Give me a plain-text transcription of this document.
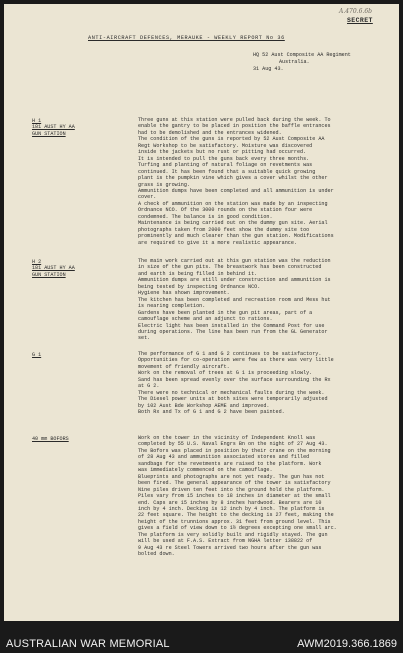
A.470.6.6b
SECRET
ANTI-AIRCRAFT DEFENCES, MERAUKE - WEEKLY REPORT No 36
HQ 52 Aust Composite AA Regiment
Australia.
31 Aug 43.
H 1
181 AUST HY AA
GUN STATION
Three guns at this station were pulled back during the week. To
enable the gantry to be placed in position the baffle entrances
had to be demolished and the entrances widened.
The condition of the guns is reported by 52 Aust Composite AA
Regt Workshop to be satisfactory. Moisture was discovered
inside the jackets but no rust or pitting had occurred.
It is intended to pull the guns back every three months.
Turfing and planting of natural foliage on revetments was
continued. It has been found that a suitable quick growing
plant is the pumpkin vine which gives a cover whilst the other
grass is growing.
Ammunition dumps have been completed and all ammunition is under
cover.
A check of ammunition on the station was made by an inspecting
Ordnance NCO. Of the 3000 rounds on the station four were
condemned. The balance is in good condition.
Maintenance is being carried out on the dummy gun site. Aerial
photographs taken from 2000 feet show the dummy site too
prominently and much clearer than the gun station. Modifications
are required to give it a more realistic appearance.
H 2
181 AUST HY AA
GUN STATION
The main work carried out at this gun station was the reduction
in size of the gun pits. The breastwork has been constructed
and earth is being filled in behind it.
Ammunition dumps are still under construction and ammunition is
being tested by inspecting Ordnance NCO.
Hygiene has shown improvement.
The kitchen has been completed and recreation room and Mess hut
is nearing completion.
Gardens have been planted in the gun pit areas, part of a
camouflage scheme and an adjunct to rations.
Electric light has been installed in the Command Post for use
during operations. The line has been run from the GL Generator
set.
G 1	The performance of G 1 and G 2 continues to be satisfactory.
Opportunities for co-operation were few as there was very little
movement of friendly aircraft.
Work on the removal of trees at G 1 is proceeding slowly.
Sand has been spread evenly over the surface surrounding the Rx
at G 2.
There were no technical or mechanical faults during the week.
The Diesel power units at both sites were temporarily adjusted
by 102 Aust Bde Workshop AEME and improved.
Both Rx and Tx of G 1 and G 2 have been painted.
40 mm BOFORS	Work on the tower in the vicinity of Independent Knoll was
completed by 55 U.S. Naval Engrs Bn on the night of 27 Aug 43.
The Bofors was placed in position by their crane on the morning
of 28 Aug 43 and ammunition associated stores and filled
sandbags for the revetments are raised to the platform. Work
was immediately commenced on the camouflage.
Blueprints and photographs are not yet ready. The gun has not
been fired. The general appearance of the tower is satisfactory
Nine piles driven ten feet into the ground hold the platform.
Piles vary from 15 inches to 18 inches in diameter at the small
end. Caps are 15 inches by 8 inches hardwood. Bearers are 10
inch by 4 inch. Decking is 12 inch by 4 inch. The platform is
22 feet square. The height to the decking is 27 feet, making the
height of the trunnions approx. 31 feet from ground level. This
gives a field of view down to 1½ degrees excepting one small arc.
The platform is very solidly built and rigidly stayed. The gun
will be used at F.A.S. Extract from NGHA letter 138822 of
9 Aug 43 re Steel Towers arrived two hours after the gun was
bolted down.
AUSTRALIAN WAR MEMORIAL	AWM2019.366.1869
